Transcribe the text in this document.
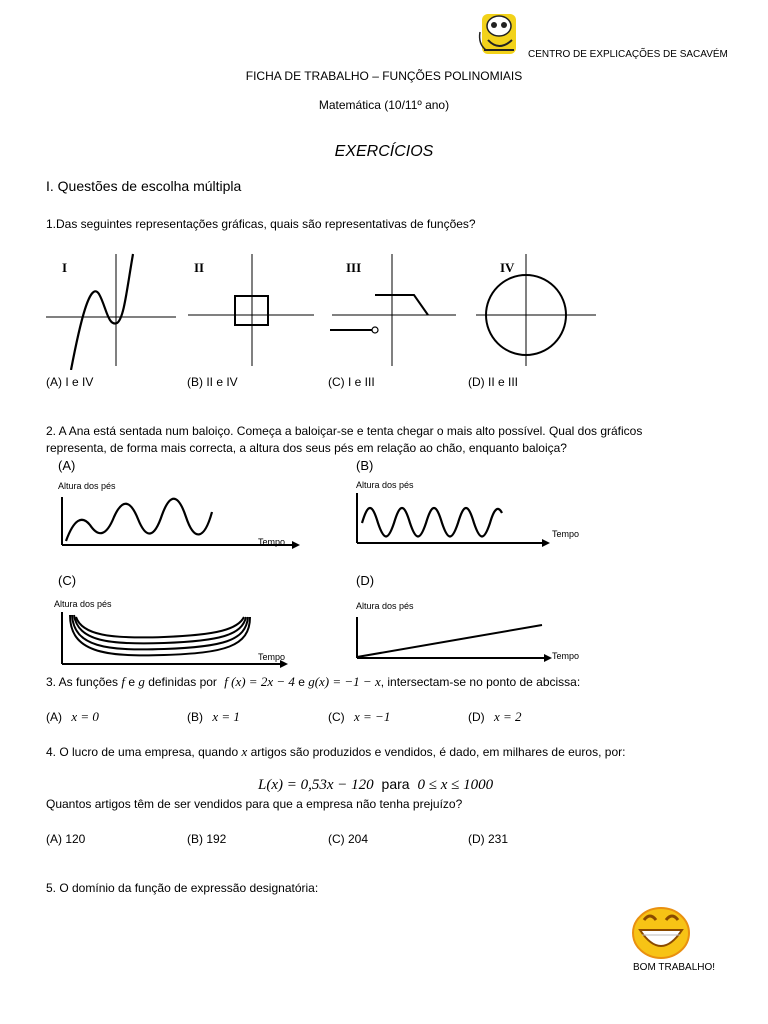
CENTRO DE EXPLICAÇÕES DE SACAVÉM
FICHA DE TRABALHO – FUNÇÕES POLINOMIAIS
Matemática (10/11º ano)
EXERCÍCIOS
I. Questões de escolha múltipla
1.Das seguintes representações gráficas, quais são representativas de funções?
I	II	III	IV
(A) I e IV	(B) II e IV	(C) I e III	(D) II e III
2. A Ana está sentada num baloiço. Começa a baloiçar-se e tenta chegar o mais alto possível. Qual dos gráficos
representa, de forma mais correcta, a altura dos seus pés em relação ao chão, enquanto baloiça?
(A)
Altura dos pés
Tempo
(B)
Altura dos pés
Tempo
(C)
Altura dos pés
Tempo
(D)
Altura dos pés
Tempo
3. As funções f e g definidas por f (x) = 2x − 4 e g(x) = −1 − x, intersectam-se no ponto de abcissa:
(A) x = 0	(B) x = 1	(C) x = −1	(D) x = 2
4. O lucro de uma empresa, quando x artigos são produzidos e vendidos, é dado, em milhares de euros, por:
L(x) = 0,53x − 120 para 0 ≤ x ≤ 1000
Quantos artigos têm de ser vendidos para que a empresa não tenha prejuízo?
(A) 120	(B) 192	(C) 204	(D) 231
5. O domínio da função de expressão designatória:
BOM TRABALHO!
